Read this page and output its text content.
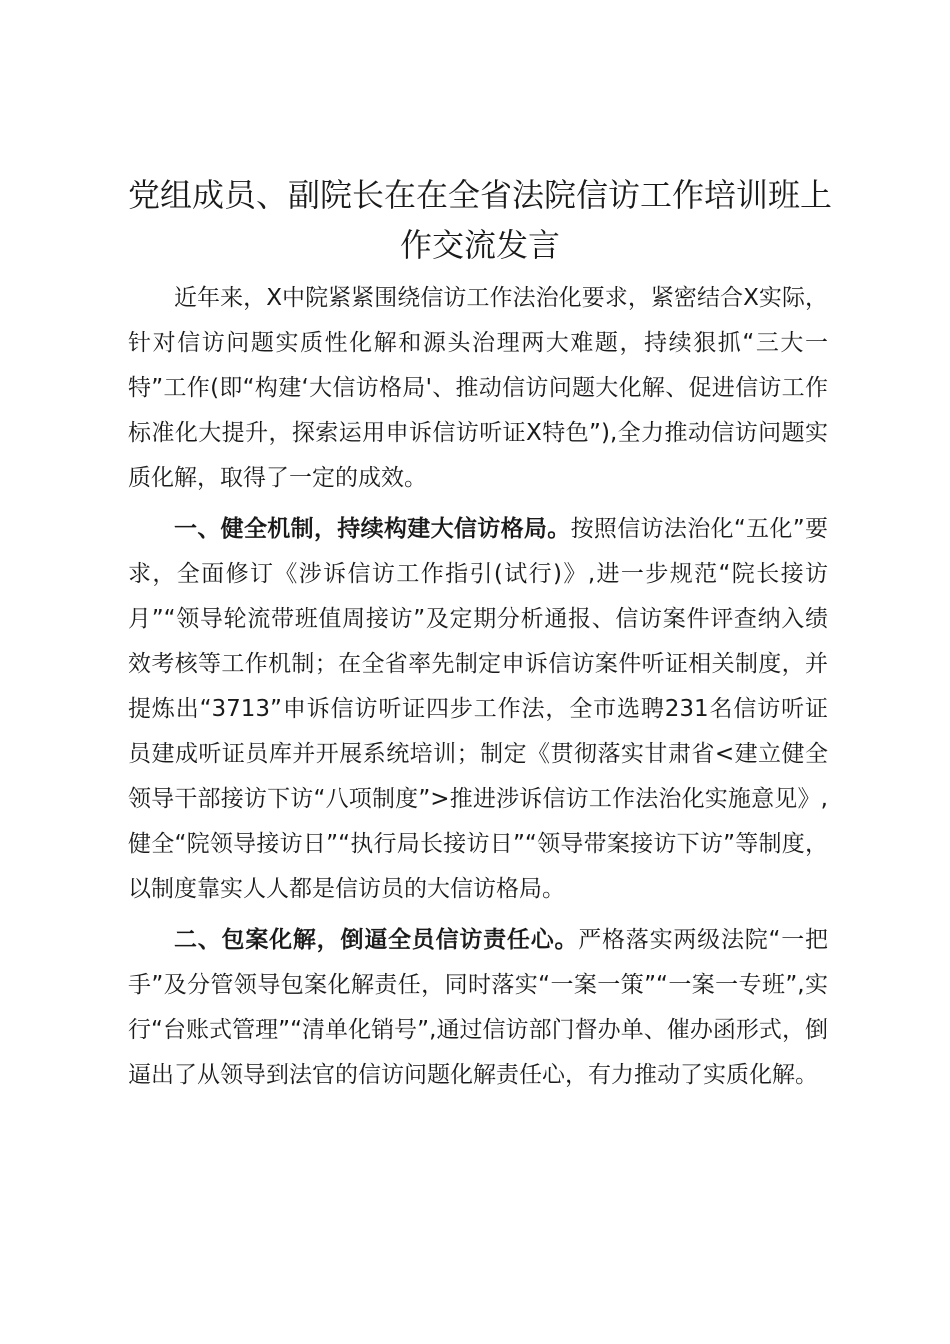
党组成员、副院长在在全省法院信访工作培训班上作交流发言

近年来，X中院紧紧围绕信访工作法治化要求，紧密结合X实际，针对信访问题实质性化解和源头治理两大难题，持续狠抓“三大一特”工作(即“构建‘大信访格局'、推动信访问题大化解、促进信访工作标准化大提升，探索运用申诉信访听证X特色”),全力推动信访问题实质化解，取得了一定的成效。

一、健全机制，持续构建大信访格局。按照信访法治化“五化”要求，全面修订《涉诉信访工作指引(试行)》,进一步规范“院长接访月”“领导轮流带班值周接访”及定期分析通报、信访案件评查纳入绩效考核等工作机制；在全省率先制定申诉信访案件听证相关制度，并提炼出“3713”申诉信访听证四步工作法，全市选聘231名信访听证员建成听证员库并开展系统培训；制定《贯彻落实甘肃省<建立健全领导干部接访下访“八项制度”>推进涉诉信访工作法治化实施意见》,健全“院领导接访日”“执行局长接访日”“领导带案接访下访”等制度，以制度靠实人人都是信访员的大信访格局。

二、包案化解，倒逼全员信访责任心。严格落实两级法院“一把手”及分管领导包案化解责任，同时落实“一案一策”“一案一专班”,实行“台账式管理”“清单化销号”,通过信访部门督办单、催办函形式，倒逼出了从领导到法官的信访问题化解责任心，有力推动了实质化解。
